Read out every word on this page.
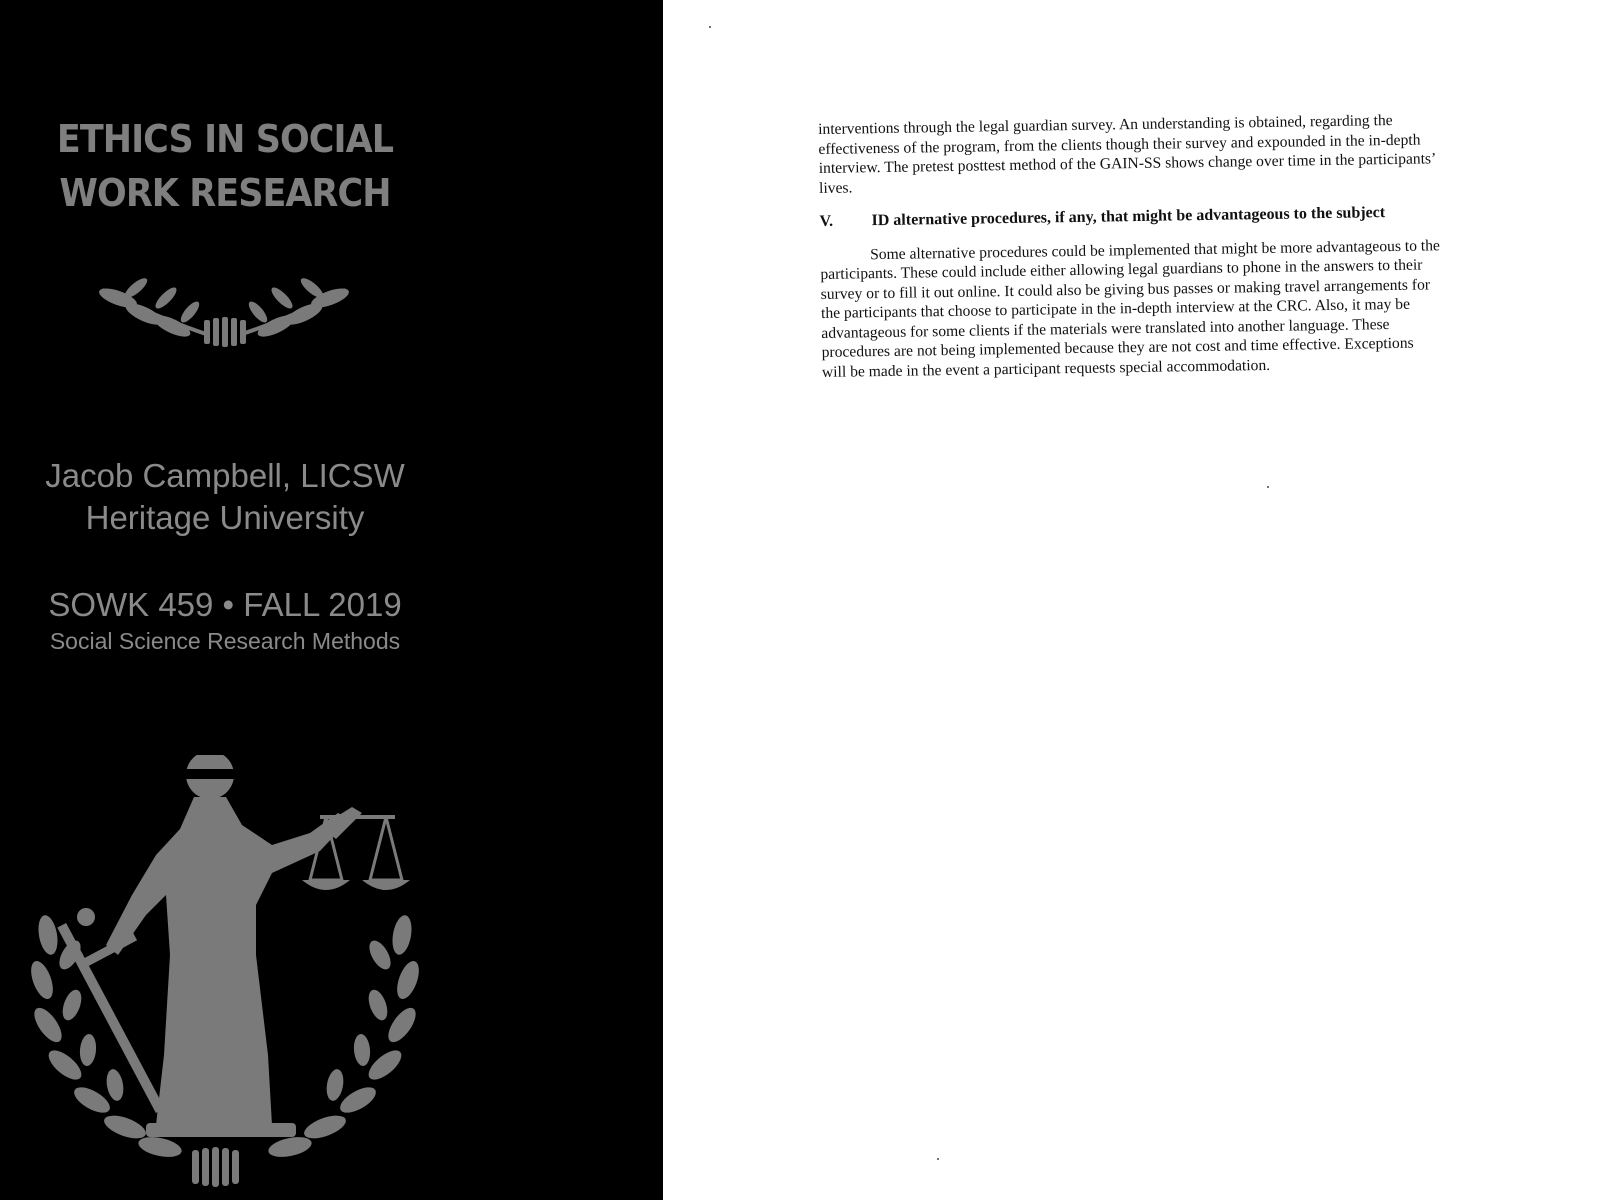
ETHICS IN SOCIAL
WORK RESEARCH
Jacob Campbell, LICSW
Heritage University
SOWK 459 • FALL 2019
Social Science Research Methods

interventions through the legal guardian survey. An understanding is obtained, regarding the effectiveness of the program, from the clients though their survey and expounded in the in-depth interview. The pretest posttest method of the GAIN-SS shows change over time in the participants’ lives.

V.	ID alternative procedures, if any, that might be advantageous to the subject

Some alternative procedures could be implemented that might be more advantageous to the participants. These could include either allowing legal guardians to phone in the answers to their survey or to fill it out online. It could also be giving bus passes or making travel arrangements for the participants that choose to participate in the in-depth interview at the CRC. Also, it may be advantageous for some clients if the materials were translated into another language. These procedures are not being implemented because they are not cost and time effective. Exceptions will be made in the event a participant requests special accommodation.
